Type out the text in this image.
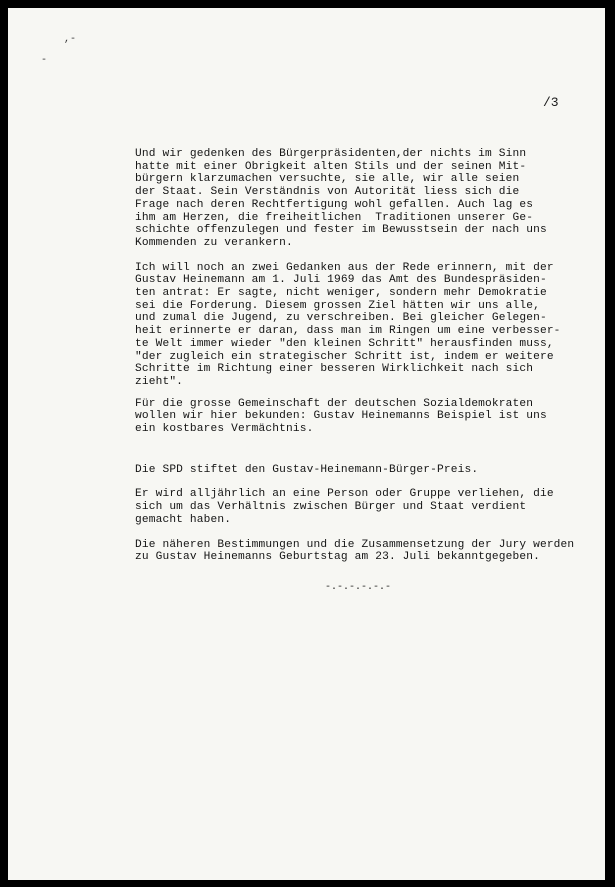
,-
-
/3

Und wir gedenken des Bürgerpräsidenten,der nichts im Sinn

hatte mit einer Obrigkeit alten Stils und der seinen Mit-

bürgern klarzumachen versuchte, sie alle, wir alle seien

der Staat. Sein Verständnis von Autorität liess sich die

Frage nach deren Rechtfertigung wohl gefallen. Auch lag es

ihm am Herzen, die freiheitlichen  Traditionen unserer Ge-

schichte offenzulegen und fester im Bewusstsein der nach uns

Kommenden zu verankern.

Ich will noch an zwei Gedanken aus der Rede erinnern, mit der

Gustav Heinemann am 1. Juli 1969 das Amt des Bundespräsiden-

ten antrat: Er sagte, nicht weniger, sondern mehr Demokratie

sei die Forderung. Diesem grossen Ziel hätten wir uns alle,

und zumal die Jugend, zu verschreiben. Bei gleicher Gelegen-

heit erinnerte er daran, dass man im Ringen um eine verbesser-

te Welt immer wieder "den kleinen Schritt" herausfinden muss,

"der zugleich ein strategischer Schritt ist, indem er weitere

Schritte im Richtung einer besseren Wirklichkeit nach sich

zieht".

Für die grosse Gemeinschaft der deutschen Sozialdemokraten

wollen wir hier bekunden: Gustav Heinemanns Beispiel ist uns

ein kostbares Vermächtnis.

Die SPD stiftet den Gustav-Heinemann-Bürger-Preis.

Er wird alljährlich an eine Person oder Gruppe verliehen, die

sich um das Verhältnis zwischen Bürger und Staat verdient

gemacht haben.

Die näheren Bestimmungen und die Zusammensetzung der Jury werden

zu Gustav Heinemanns Geburtstag am 23. Juli bekanntgegeben.

-.-.-.-.-.-
